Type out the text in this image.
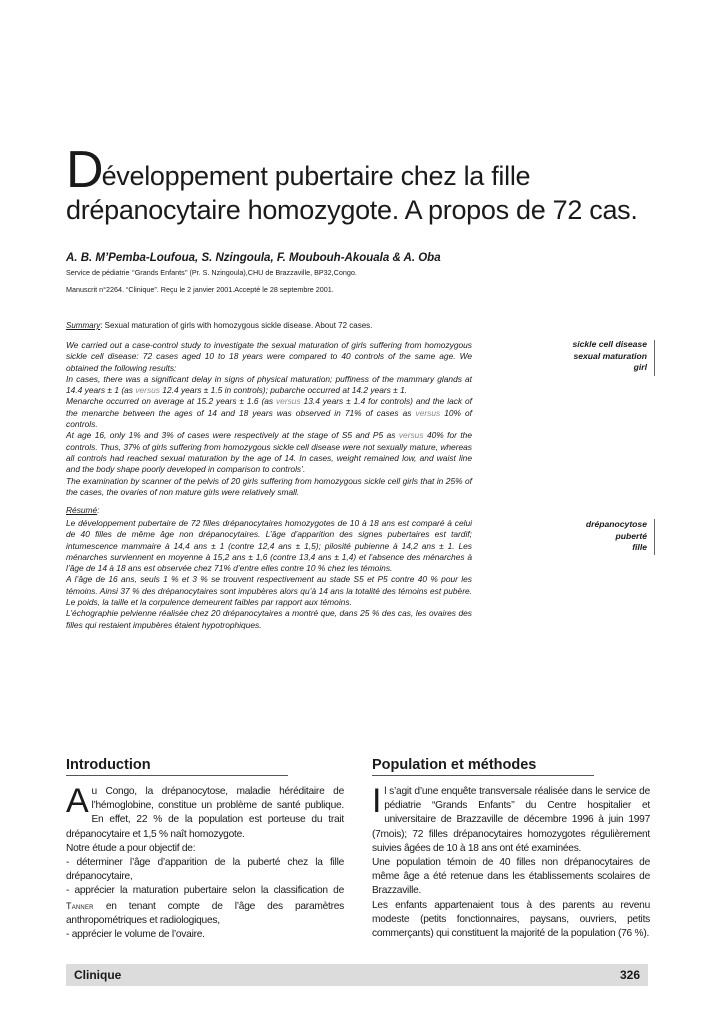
Développement pubertaire chez la fille
drépanocytaire homozygote. A propos de 72 cas.
A. B. M’Pemba-Loufoua, S. Nzingoula, F. Moubouh-Akouala & A. Oba
Service de pédiatrie ‘’Grands Enfants’’ (Pr. S. Nzingoula),CHU de Brazzaville, BP32,Congo.
Manuscrit n°2264. “Clinique”. Reçu le 2 janvier 2001.Accepté le 28 septembre 2001.
Summary: Sexual maturation of girls with homozygous sickle disease. About 72 cases.

We carried out a case-control study to investigate the sexual maturation of girls suffering from homozygous sickle cell disease: 72 cases aged 10 to 18 years were compared to 40 controls of the same age. We obtained the following results:

In cases, there was a significant delay in signs of physical maturation; puffiness of the mammary glands at 14.4 years ± 1 (as versus 12.4 years ± 1.5 in controls); pubarche occurred at 14.2 years ± 1.

Menarche occurred on average at 15.2 years ± 1.6 (as versus 13.4 years ± 1.4 for controls) and the lack of the menarche between the ages of 14 and 18 years was observed in 71% of cases as versus 10% of controls.

At age 16, only 1% and 3% of cases were respectively at the stage of S5 and P5 as versus 40% for the controls. Thus, 37% of girls suffering from homozygous sickle cell disease were not sexually mature, whereas all controls had reached sexual maturation by the age of 14. In cases, weight remained low, and waist line and the body shape poorly developed in comparison to controls’.

The examination by scanner of the pelvis of 20 girls suffering from homozygous sickle cell girls that in 25% of the cases, the ovaries of non mature girls were relatively small.

sickle cell disease
sexual maturation
girl
Résumé:

Le développement pubertaire de 72 filles drépanocytaires homozygotes de 10 à 18 ans est comparé à celui de 40 filles de même âge non drépanocytaires. L’âge d’apparition des signes pubertaires est tardif; intumescence mammaire à 14,4 ans ± 1 (contre 12,4 ans ± 1,5); pilosité pubienne à 14,2 ans ± 1. Les ménarches surviennent en moyenne à 15,2 ans ± 1,6 (contre 13,4 ans ± 1,4) et l’absence des ménarches à l’âge de 14 à 18 ans est observée chez 71% d’entre elles contre 10 % chez les témoins.

A l’âge de 16 ans, seuls 1 % et 3 % se trouvent respectivement au stade S5 et P5 contre 40 % pour les témoins. Ainsi 37 % des drépanocytaires sont impubères alors qu’à 14 ans la totalité des témoins est pubère. Le poids, la taille et la corpulence demeurent faibles par rapport aux témoins.

L’échographie pelvienne réalisée chez 20 drépanocytaires a montré que, dans 25 % des cas, les ovaires des filles qui restaient impubères étaient hypotrophiques.

drépanocytose
puberté
fille
Introduction

Au Congo, la drépanocytose, maladie héréditaire de l’hémoglobine, constitue un problème de santé publique. En effet, 22 % de la population est porteuse du trait drépanocytaire et 1,5 % naît homozygote.

Notre étude a pour objectif de:

- déterminer l’âge d’apparition de la puberté chez la fille drépanocytaire,

- apprécier la maturation pubertaire selon la classification de Tanner en tenant compte de l’âge des paramètres anthropométriques et radiologiques,

- apprécier le volume de l’ovaire.

Population et méthodes

Il s’agit d’une enquête transversale réalisée dans le service de pédiatrie “Grands Enfants’’ du Centre hospitalier et universitaire de Brazzaville de décembre 1996 à juin 1997 (7mois); 72 filles drépanocytaires homozygotes régulièrement suivies âgées de 10 à 18 ans ont été examinées.

Une population témoin de 40 filles non drépanocytaires de même âge a été retenue dans les établissements scolaires de Brazzaville.

Les enfants appartenaient tous à des parents au revenu modeste (petits fonctionnaires, paysans, ouvriers, petits commerçants) qui constituent la majorité de la population (76 %).

Clinique	326
